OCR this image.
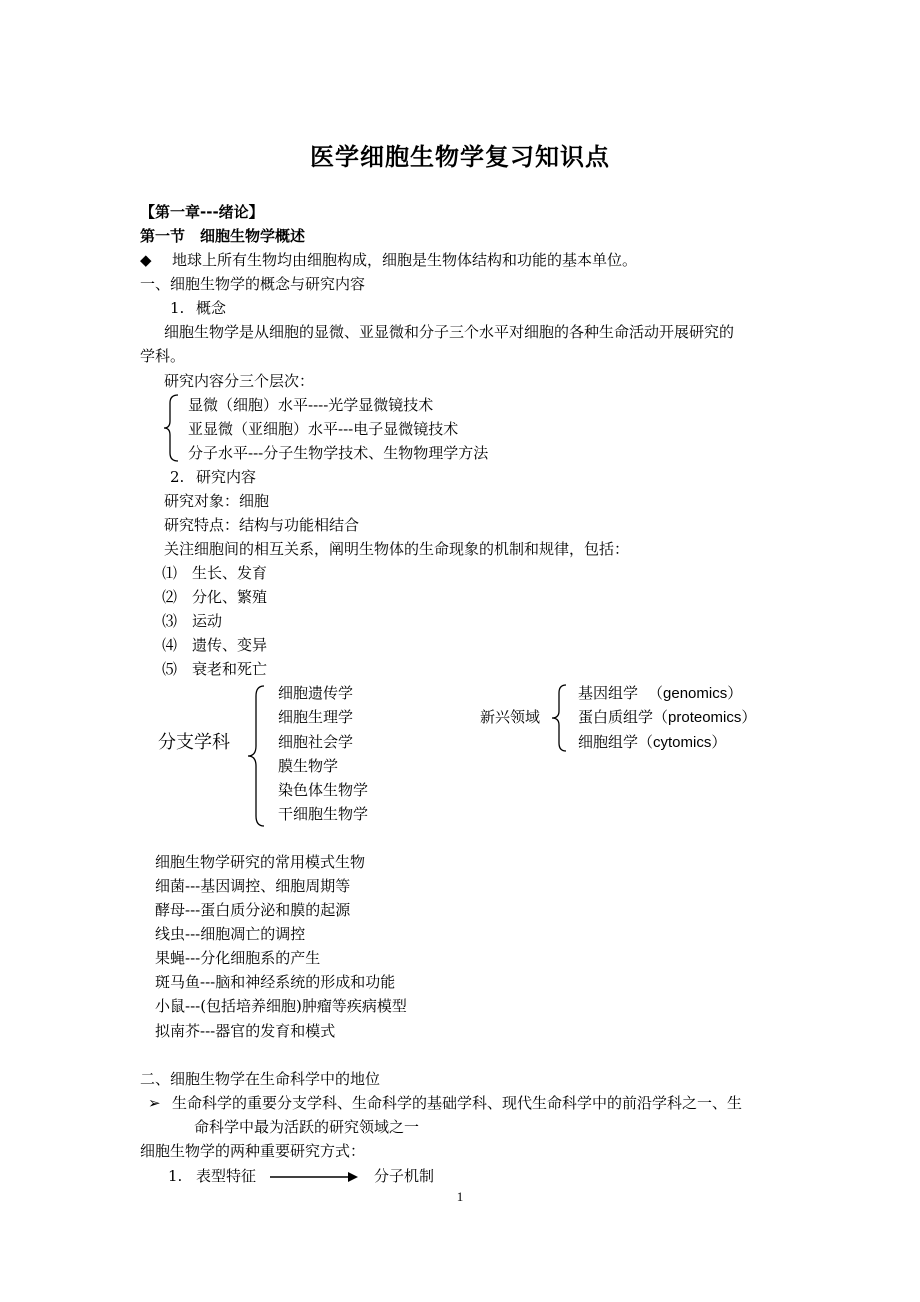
医学细胞生物学复习知识点
【第一章---绪论】
第一节　细胞生物学概述
◆ 地球上所有生物均由细胞构成，细胞是生物体结构和功能的基本单位。
一、细胞生物学的概念与研究内容
1. 概念
细胞生物学是从细胞的显微、亚显微和分子三个水平对细胞的各种生命活动开展研究的
学科。
研究内容分三个层次：
显微（细胞）水平----光学显微镜技术
亚显微（亚细胞）水平---电子显微镜技术
分子水平---分子生物学技术、生物物理学方法
2. 研究内容
研究对象：细胞
研究特点：结构与功能相结合
关注细胞间的相互关系，阐明生物体的生命现象的机制和规律，包括：
⑴ 生长、发育
⑵ 分化、繁殖
⑶ 运动
⑷ 遗传、变异
⑸ 衰老和死亡
分支学科
细胞遗传学
细胞生理学
细胞社会学
膜生物学
染色体生物学
干细胞生物学
新兴领域
基因组学 （genomics）
蛋白质组学（proteomics）
细胞组学（cytomics）
细胞生物学研究的常用模式生物
细菌---基因调控、细胞周期等
酵母---蛋白质分泌和膜的起源
线虫---细胞凋亡的调控
果蝇---分化细胞系的产生
斑马鱼---脑和神经系统的形成和功能
小鼠---(包括培养细胞)肿瘤等疾病模型
拟南芥---器官的发育和模式
二、细胞生物学在生命科学中的地位
➢ 生命科学的重要分支学科、生命科学的基础学科、现代生命科学中的前沿学科之一、生
命科学中最为活跃的研究领域之一
细胞生物学的两种重要研究方式：
1. 表型特征	分子机制
1
